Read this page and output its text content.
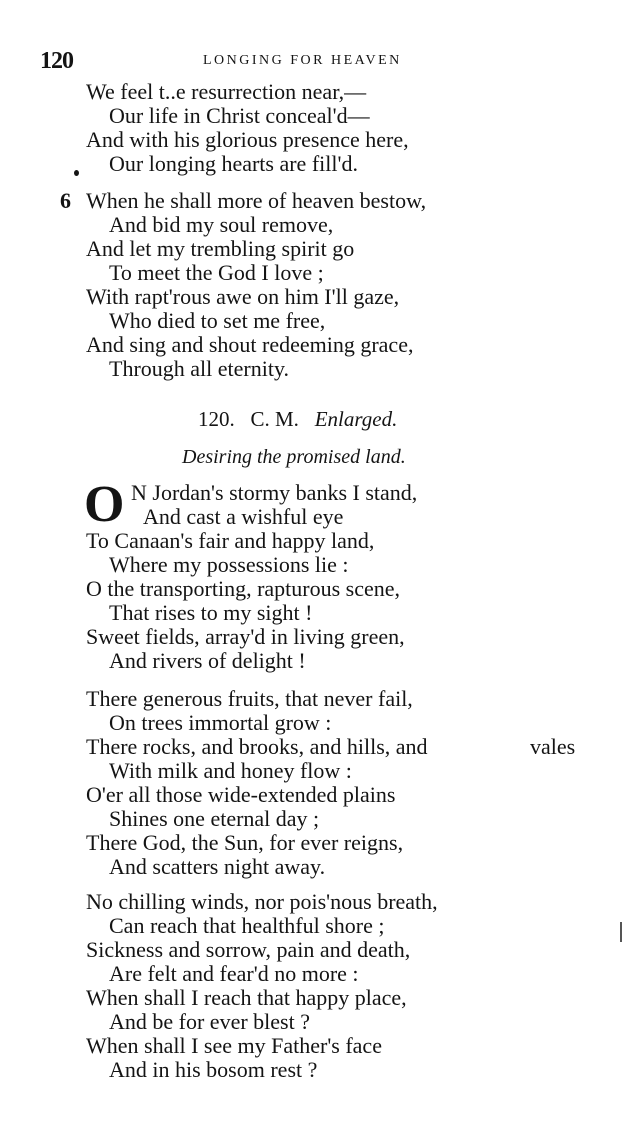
120	LONGING FOR HEAVEN
We feel t..e resurrection near,—
Our life in Christ conceal'd—
And with his glorious presence here,
Our longing hearts are fill'd.
6 When he shall more of heaven bestow,
And bid my soul remove,
And let my trembling spirit go
To meet the God I love ;
With rapt'rous awe on him I'll gaze,
Who died to set me free,
And sing and shout redeeming grace,
Through all eternity.
120. C. M. Enlarged.
Desiring the promised land.
O N Jordan's stormy banks I stand,
And cast a wishful eye
To Canaan's fair and happy land,
Where my possessions lie :
O the transporting, rapturous scene,
That rises to my sight !
Sweet fields, array'd in living green,
And rivers of delight !
There generous fruits, that never fail,
On trees immortal grow :
There rocks, and brooks, and hills, and
With milk and honey flow :
O'er all those wide-extended plains
Shines one eternal day ;
There God, the Sun, for ever reigns,
And scatters night away.
vales
No chilling winds, nor pois'nous breath,
Can reach that healthful shore ;
Sickness and sorrow, pain and death,
Are felt and fear'd no more :
When shall I reach that happy place,
And be for ever blest ?
When shall I see my Father's face
And in his bosom rest ?
